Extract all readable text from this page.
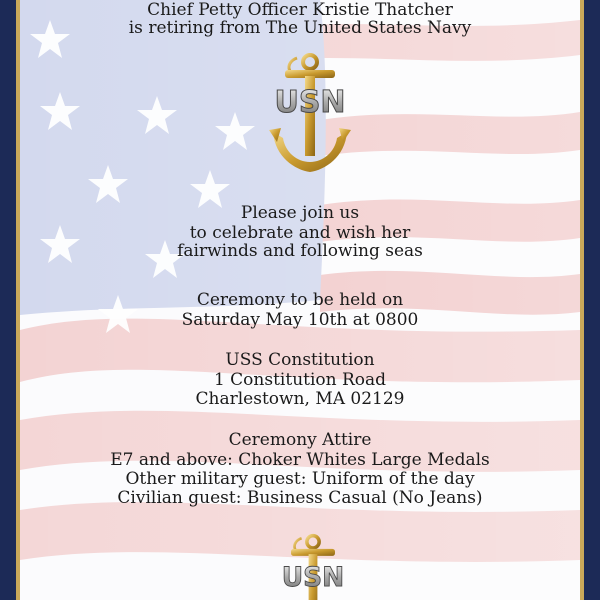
Chief Petty Officer Kristie Thatcher
is retiring from The United States Navy
USN
Please join us
to celebrate and wish her
fairwinds and following seas
Ceremony to be held on
Saturday May 10th at 0800
USS Constitution
1 Constitution Road
Charlestown, MA 02129
Ceremony Attire
E7 and above: Choker Whites Large Medals
Other military guest: Uniform of the day
Civilian guest: Business Casual (No Jeans)
USN
